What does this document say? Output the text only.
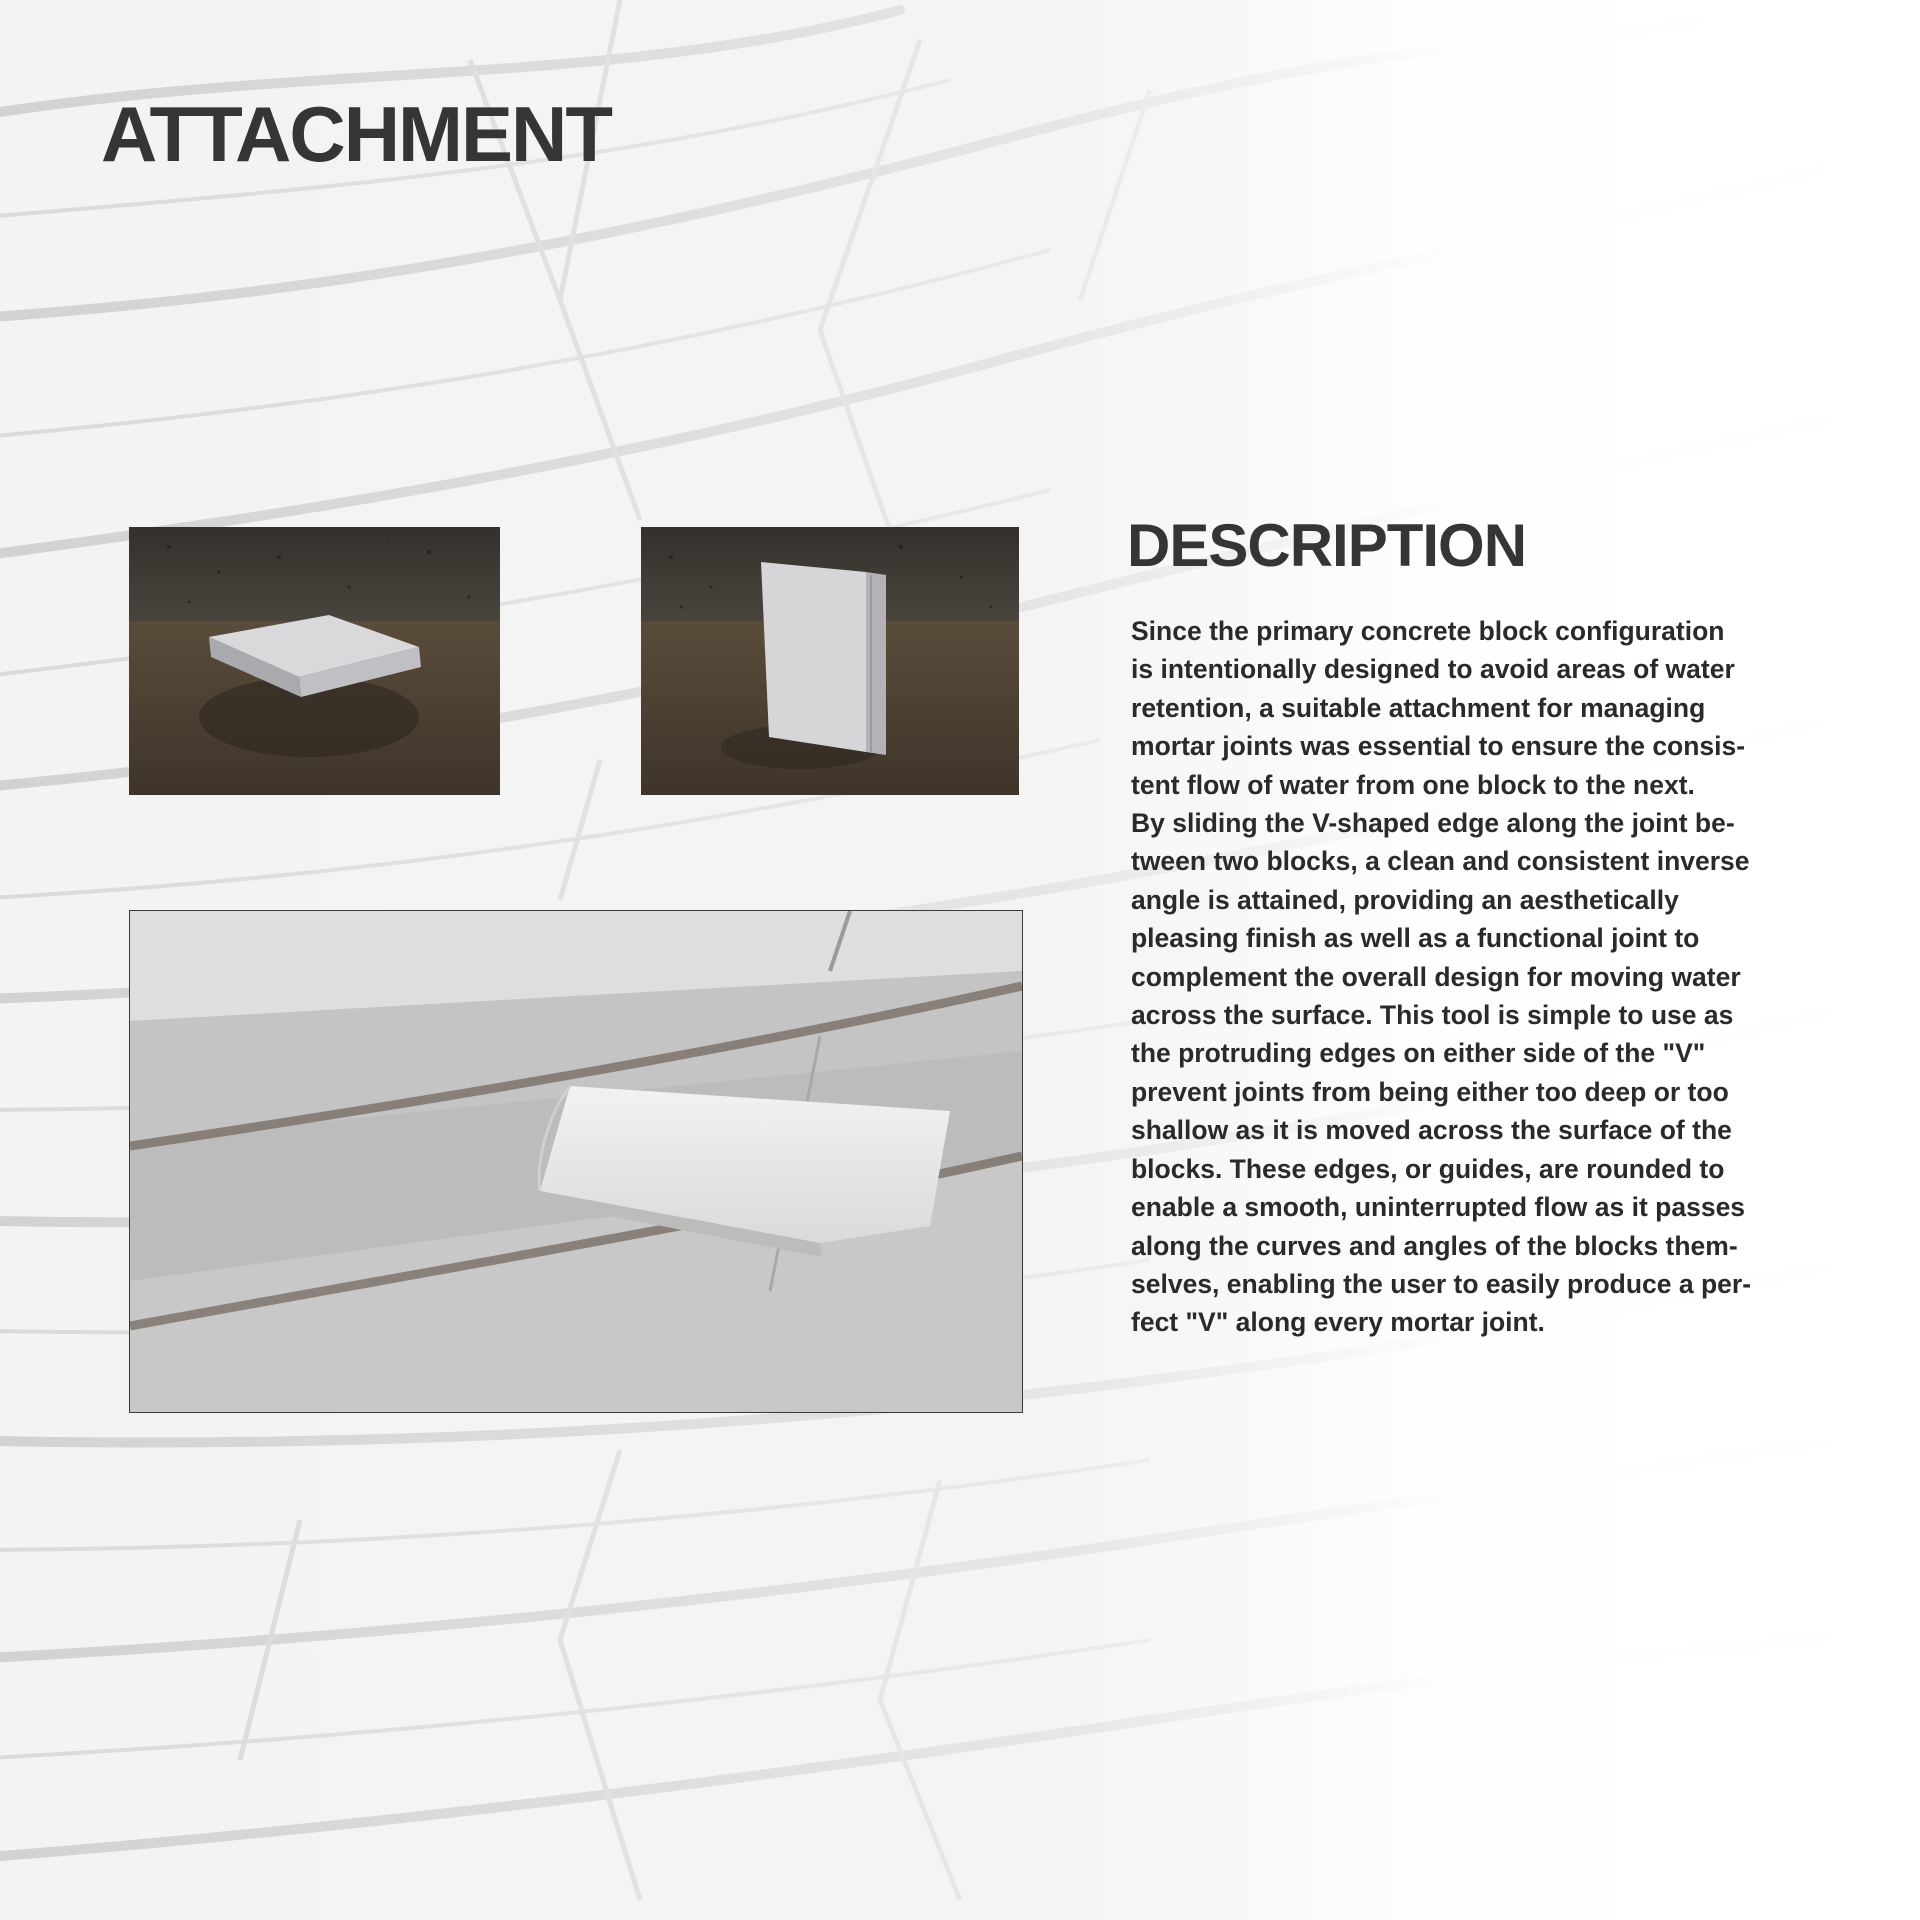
ATTACHMENT
DESCRIPTION
Since the primary concrete block configuration
is intentionally designed to avoid areas of water
retention, a suitable attachment for managing
mortar joints was essential to ensure the consis-
tent flow of water from one block to the next.
By sliding the V-shaped edge along the joint be-
tween two blocks, a clean and consistent inverse
angle is attained, providing an aesthetically
pleasing finish as well as a functional joint to
complement the overall design for moving water
across the surface. This tool is simple to use as
the protruding edges on either side of the "V"
prevent joints from being either too deep or too
shallow as it is moved across the surface of the
blocks. These edges, or guides, are rounded to
enable a smooth, uninterrupted flow as it passes
along the curves and angles of the blocks them-
selves, enabling the user to easily produce a per-
fect "V" along every mortar joint.
